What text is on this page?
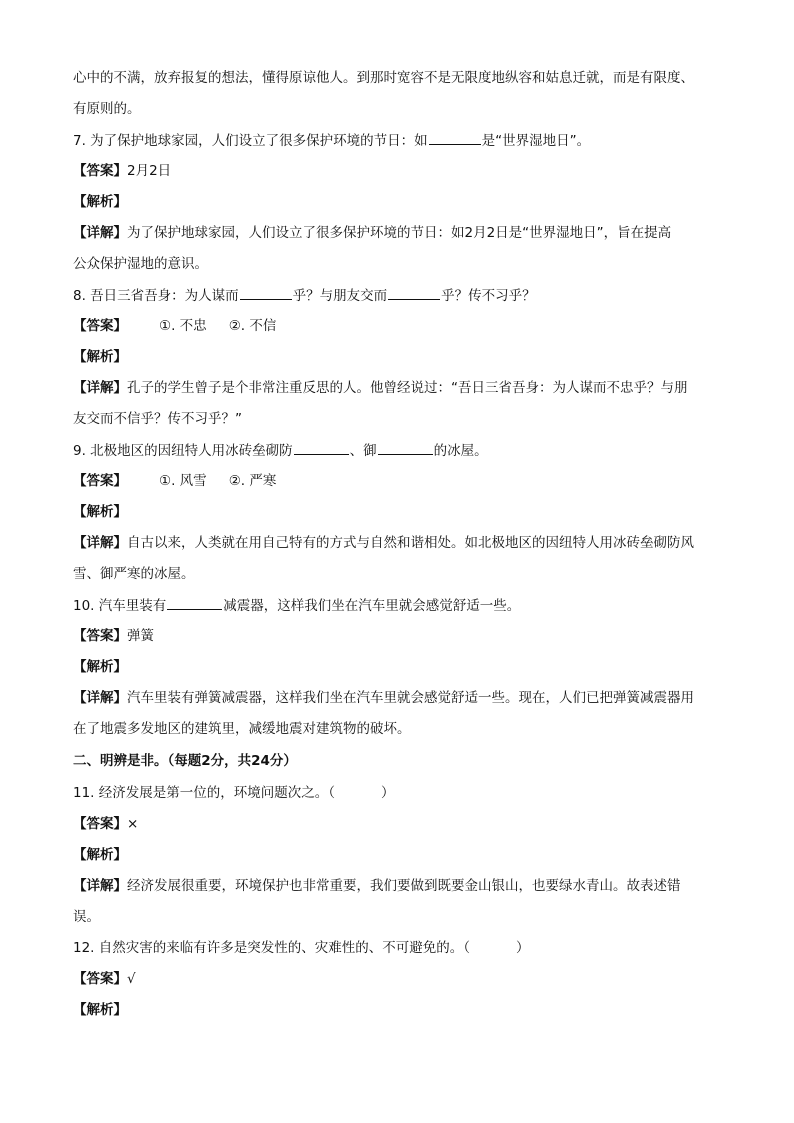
心中的不满，放弃报复的想法，懂得原谅他人。到那时宽容不是无限度地纵容和姑息迁就，而是有限度、
有原则的。
7. 为了保护地球家园，人们设立了很多保护环境的节日：如	是“世界湿地日”。
【答案】2月2日
【解析】
【详解】为了保护地球家园，人们设立了很多保护环境的节日：如2月2日是“世界湿地日”，旨在提高
公众保护湿地的意识。
8. 吾日三省吾身：为人谋而	乎？与朋友交而	乎？传不习乎？
【答案】 ①. 不忠 ②. 不信
【解析】
【详解】孔子的学生曾子是个非常注重反思的人。他曾经说过：“吾日三省吾身：为人谋而不忠乎？与朋
友交而不信乎？传不习乎？”
9. 北极地区的因纽特人用冰砖垒砌防	、御	的冰屋。
【答案】 ①. 风雪 ②. 严寒
【解析】
【详解】自古以来，人类就在用自己特有的方式与自然和谐相处。如北极地区的因纽特人用冰砖垒砌防风
雪、御严寒的冰屋。
10. 汽车里装有	减震器，这样我们坐在汽车里就会感觉舒适一些。
【答案】弹簧
【解析】
【详解】汽车里装有弹簧减震器，这样我们坐在汽车里就会感觉舒适一些。现在，人们已把弹簧减震器用
在了地震多发地区的建筑里，减缓地震对建筑物的破坏。
二、明辨是非。（每题2分，共24分）
11. 经济发展是第一位的，环境问题次之。（	）
【答案】×
【解析】
【详解】经济发展很重要，环境保护也非常重要，我们要做到既要金山银山，也要绿水青山。故表述错
误。
12. 自然灾害的来临有许多是突发性的、灾难性的、不可避免的。（	）
【答案】√
【解析】
